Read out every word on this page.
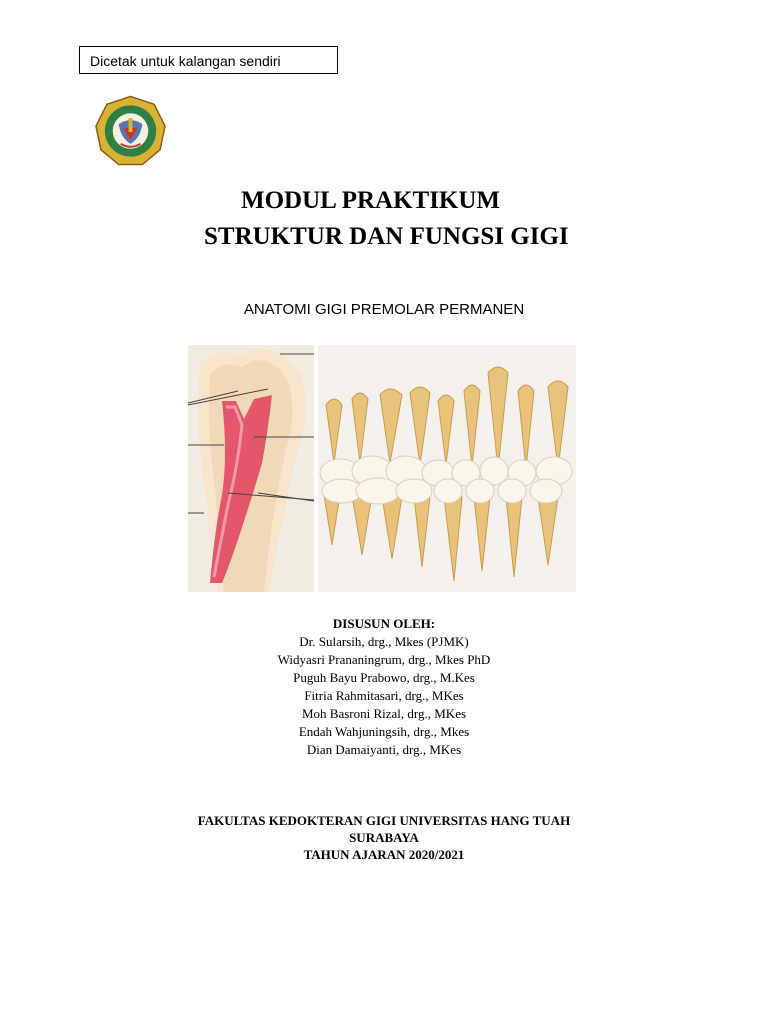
Dicetak untuk kalangan sendiri
MODUL PRAKTIKUM
STRUKTUR DAN FUNGSI GIGI
ANATOMI GIGI PREMOLAR PERMANEN
DISUSUN OLEH:
Dr. Sularsih, drg., Mkes (PJMK)
Widyasri Prananingrum, drg., Mkes PhD
Puguh Bayu Prabowo, drg., M.Kes
Fitria Rahmitasari, drg., MKes
Moh Basroni Rizal, drg., MKes
Endah Wahjuningsih, drg., Mkes
Dian Damaiyanti, drg., MKes
FAKULTAS KEDOKTERAN GIGI UNIVERSITAS HANG TUAH
SURABAYA
TAHUN AJARAN 2020/2021
